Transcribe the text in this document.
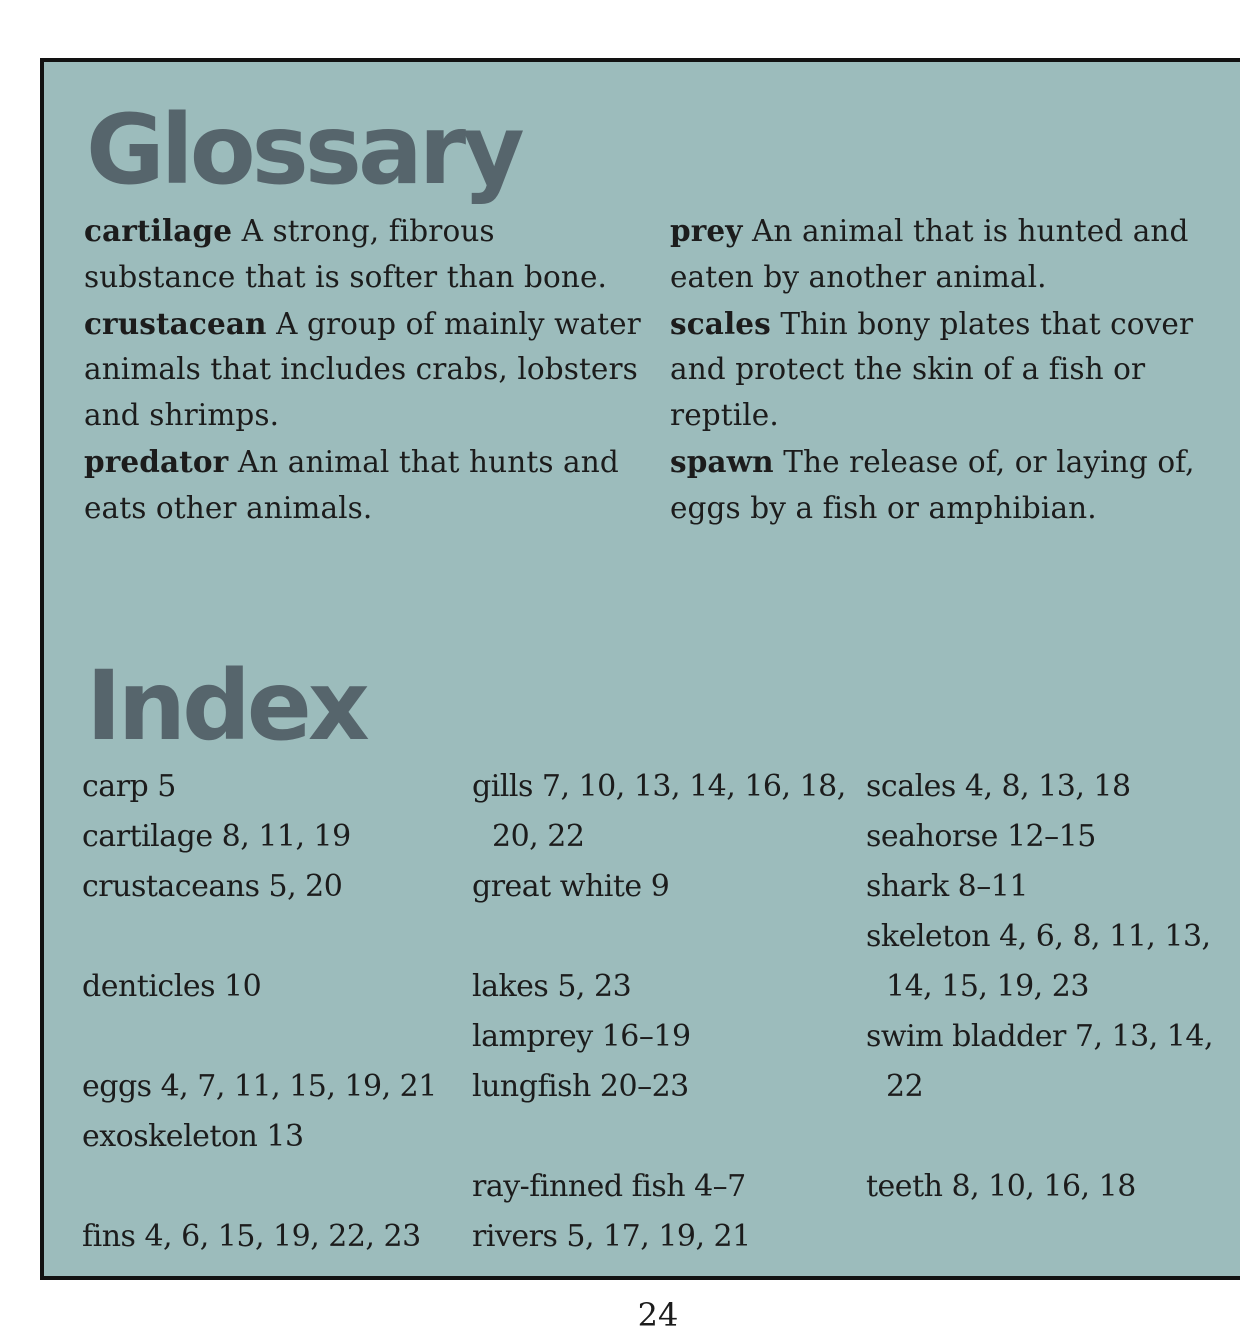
Glossary

cartilage A strong, fibrous substance that is softer than bone.

crustacean A group of mainly water animals that includes crabs, lobsters and shrimps.

predator An animal that hunts and eats other animals.

prey An animal that is hunted and eaten by another animal.

scales Thin bony plates that cover and protect the skin of a fish or reptile.

spawn The release of, or laying of, eggs by a fish or amphibian.

Index
carp 5
cartilage 8, 11, 19
crustaceans 5, 20
denticles 10
eggs 4, 7, 11, 15, 19, 21
exoskeleton 13
fins 4, 6, 15, 19, 22, 23
gills 7, 10, 13, 14, 16, 18,
20, 22
great white 9
lakes 5, 23
lamprey 16–19
lungfish 20–23
ray-finned fish 4–7
rivers 5, 17, 19, 21
scales 4, 8, 13, 18
seahorse 12–15
shark 8–11
skeleton 4, 6, 8, 11, 13,
14, 15, 19, 23
swim bladder 7, 13, 14,
22
teeth 8, 10, 16, 18
24
